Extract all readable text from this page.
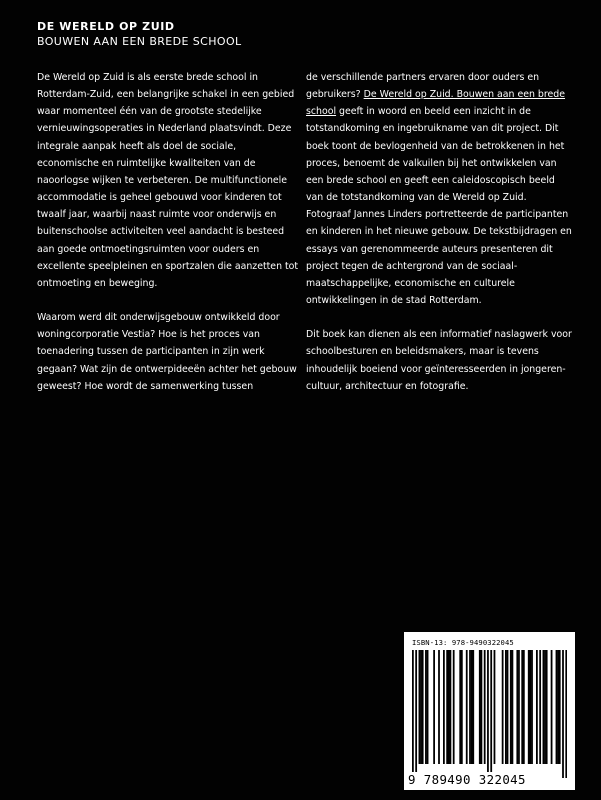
DE WERELD OP ZUID
BOUWEN AAN EEN BREDE SCHOOL

De Wereld op Zuid is als eerste brede school in Rotterdam-Zuid, een belangrijke schakel in een gebied waar momenteel één van de grootste stedelijke vernieuwingsoperaties in Nederland plaatsvindt. Deze integrale aanpak heeft als doel de sociale, economische en ruimtelijke kwaliteiten van de naoorlogse wijken te verbeteren. De multifunctionele accommodatie is geheel gebouwd voor kinderen tot twaalf jaar, waarbij naast ruimte voor onderwijs en buitenschoolse activiteiten veel aandacht is besteed aan goede ontmoetingsruimten voor ouders en excellente speelpleinen en sportzalen die aanzetten tot ontmoeting en beweging.

Waarom werd dit onderwijsgebouw ontwikkeld door woningcorporatie Vestia? Hoe is het proces van toenadering tussen de participanten in zijn werk gegaan? Wat zijn de ontwerpideeën achter het gebouw geweest? Hoe wordt de samenwerking tussen

de verschillende partners ervaren door ouders en gebruikers? De Wereld op Zuid. Bouwen aan een brede school geeft in woord en beeld een inzicht in de totstandkoming en ingebruikname van dit project. Dit boek toont de bevlogenheid van de betrokkenen in het proces, benoemt de valkuilen bij het ontwikkelen van een brede school en geeft een caleidoscopisch beeld van de totstandkoming van de Wereld op Zuid. Fotograaf Jannes Linders portretteerde de participanten en kinderen in het nieuwe gebouw. De tekstbijdragen en essays van gerenommeerde auteurs presenteren dit project tegen de achtergrond van de sociaal-maatschappelijke, economische en culturele ontwikkelingen in de stad Rotterdam.

Dit boek kan dienen als een informatief naslagwerk voor schoolbesturen en beleidsmakers, maar is tevens inhoudelijk boeiend voor geïnteresseerden in jongeren-cultuur, architectuur en fotografie.

ISBN-13: 978-9490322045
9 789490 322045
